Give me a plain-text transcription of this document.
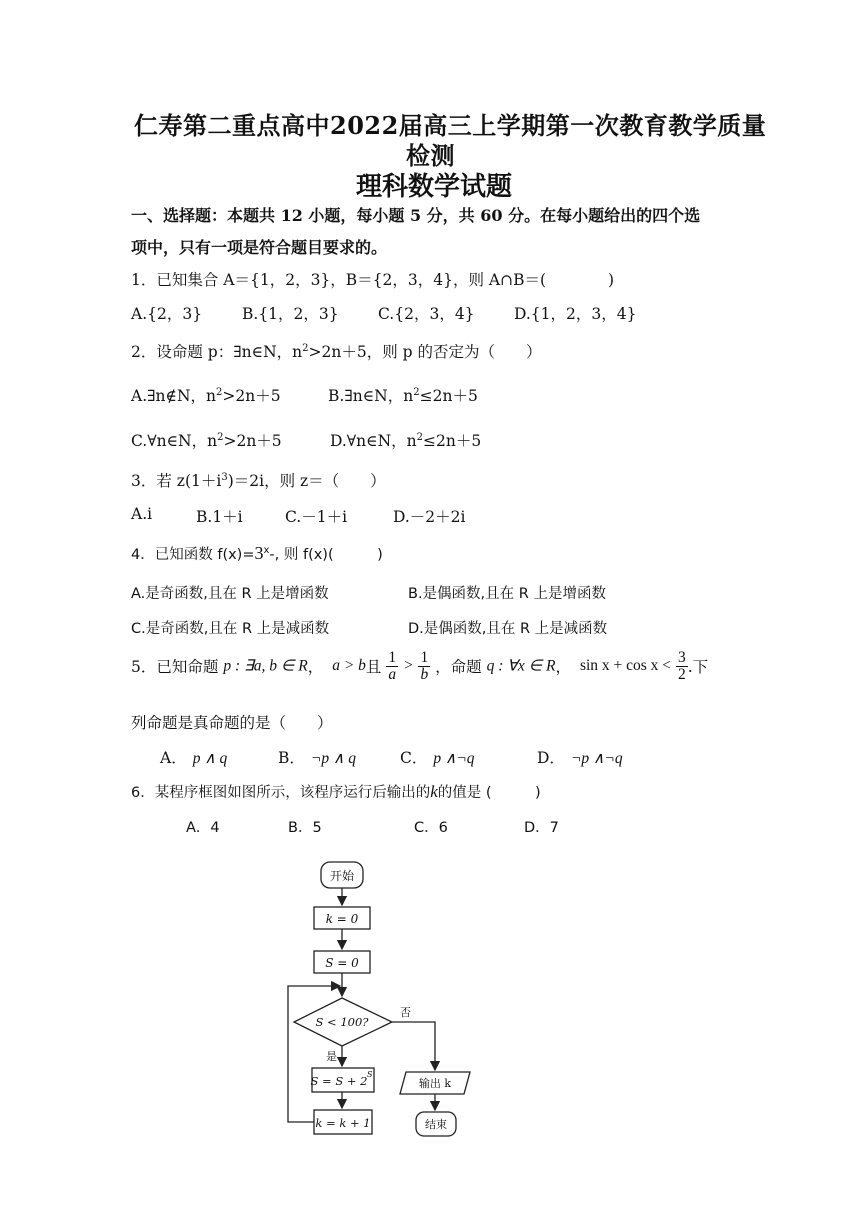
仁寿第二重点高中2022届高三上学期第一次教育教学质量
检测
理科数学试题
一、选择题：本题共 12 小题，每小题 5 分，共 60 分。在每小题给出的四个选
项中，只有一项是符合题目要求的。
1．已知集合 A＝{1，2，3}，B＝{2，3，4}，则 A∩B＝(　　　　)
A.{2，3}	B.{1，2，3}	C.{2，3，4}	D.{1，2，3，4}
2．设命题 p：∃n∈N，$n^2>2n+5$，则 p 的否定为（　　）
A.∃n∉N，$n^2>2n+5$	B.∃n∈N，$n^2\le 2n+5$
C.∀n∈N，$n^2>2n+5$	D.∀n∈N，$n^2\le 2n+5$
3．若 $z(1+i^3)=2i$，则 z＝（　　）
A.i	B.1＋i	C.－1＋i	D.－2＋2i
4．已知函数 $f(x)=3^x-$, 则 f(x)(　　　)
A.是奇函数,且在 R 上是增函数	B.是偶函数,且在 R 上是增函数
C.是奇函数,且在 R 上是减函数	D.是偶函数,且在 R 上是减函数
5．已知命题 p : ∃a, b ∈ R， a > b且 $\frac{1}{a} > \frac{1}{b}$ ，命题 q : ∀x ∈ R， $\sin x + \cos x < \frac{3}{2}$ .下
列命题是真命题的是（　　）
A． p ∧ q	B． ¬p ∧ q	C． p ∧¬q	D． ¬p ∧¬q
6．某程序框图如图所示，该程序运行后输出的k的值是 (　　　)
A．4	B．5	C．6	D．7
开始
k = 0
S = 0
S < 100?
否
是
S = S + 2 S
k = k + 1
输出 k
结束
